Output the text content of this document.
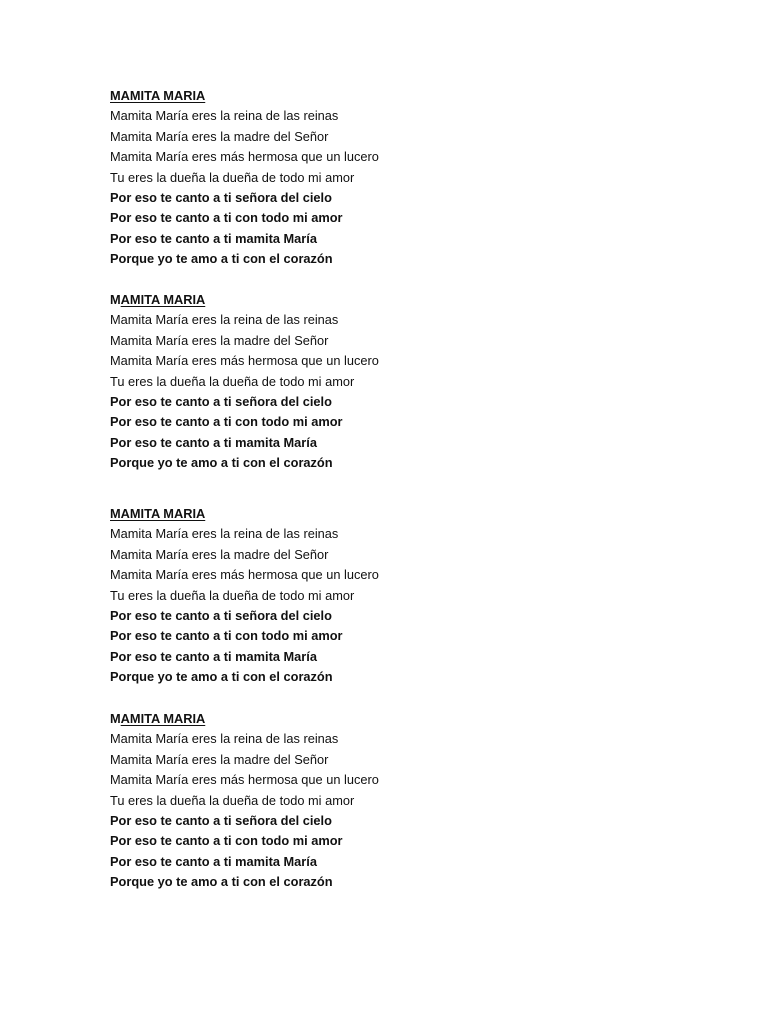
MAMITA MARIA

Mamita María eres la reina de las reinas

Mamita María eres la madre del Señor

Mamita María eres más hermosa que un lucero

Tu eres la dueña la dueña de todo mi amor

Por eso te canto a ti señora del cielo

Por eso te canto a ti con todo mi amor

Por eso te canto a ti mamita María

Porque yo te amo a ti con el corazón

MAMITA MARIA

Mamita María eres la reina de las reinas

Mamita María eres la madre del Señor

Mamita María eres más hermosa que un lucero

Tu eres la dueña la dueña de todo mi amor

Por eso te canto a ti señora del cielo

Por eso te canto a ti con todo mi amor

Por eso te canto a ti mamita María

Porque yo te amo a ti con el corazón

MAMITA MARIA

Mamita María eres la reina de las reinas

Mamita María eres la madre del Señor

Mamita María eres más hermosa que un lucero

Tu eres la dueña la dueña de todo mi amor

Por eso te canto a ti señora del cielo

Por eso te canto a ti con todo mi amor

Por eso te canto a ti mamita María

Porque yo te amo a ti con el corazón

MAMITA MARIA

Mamita María eres la reina de las reinas

Mamita María eres la madre del Señor

Mamita María eres más hermosa que un lucero

Tu eres la dueña la dueña de todo mi amor

Por eso te canto a ti señora del cielo

Por eso te canto a ti con todo mi amor

Por eso te canto a ti mamita María

Porque yo te amo a ti con el corazón
